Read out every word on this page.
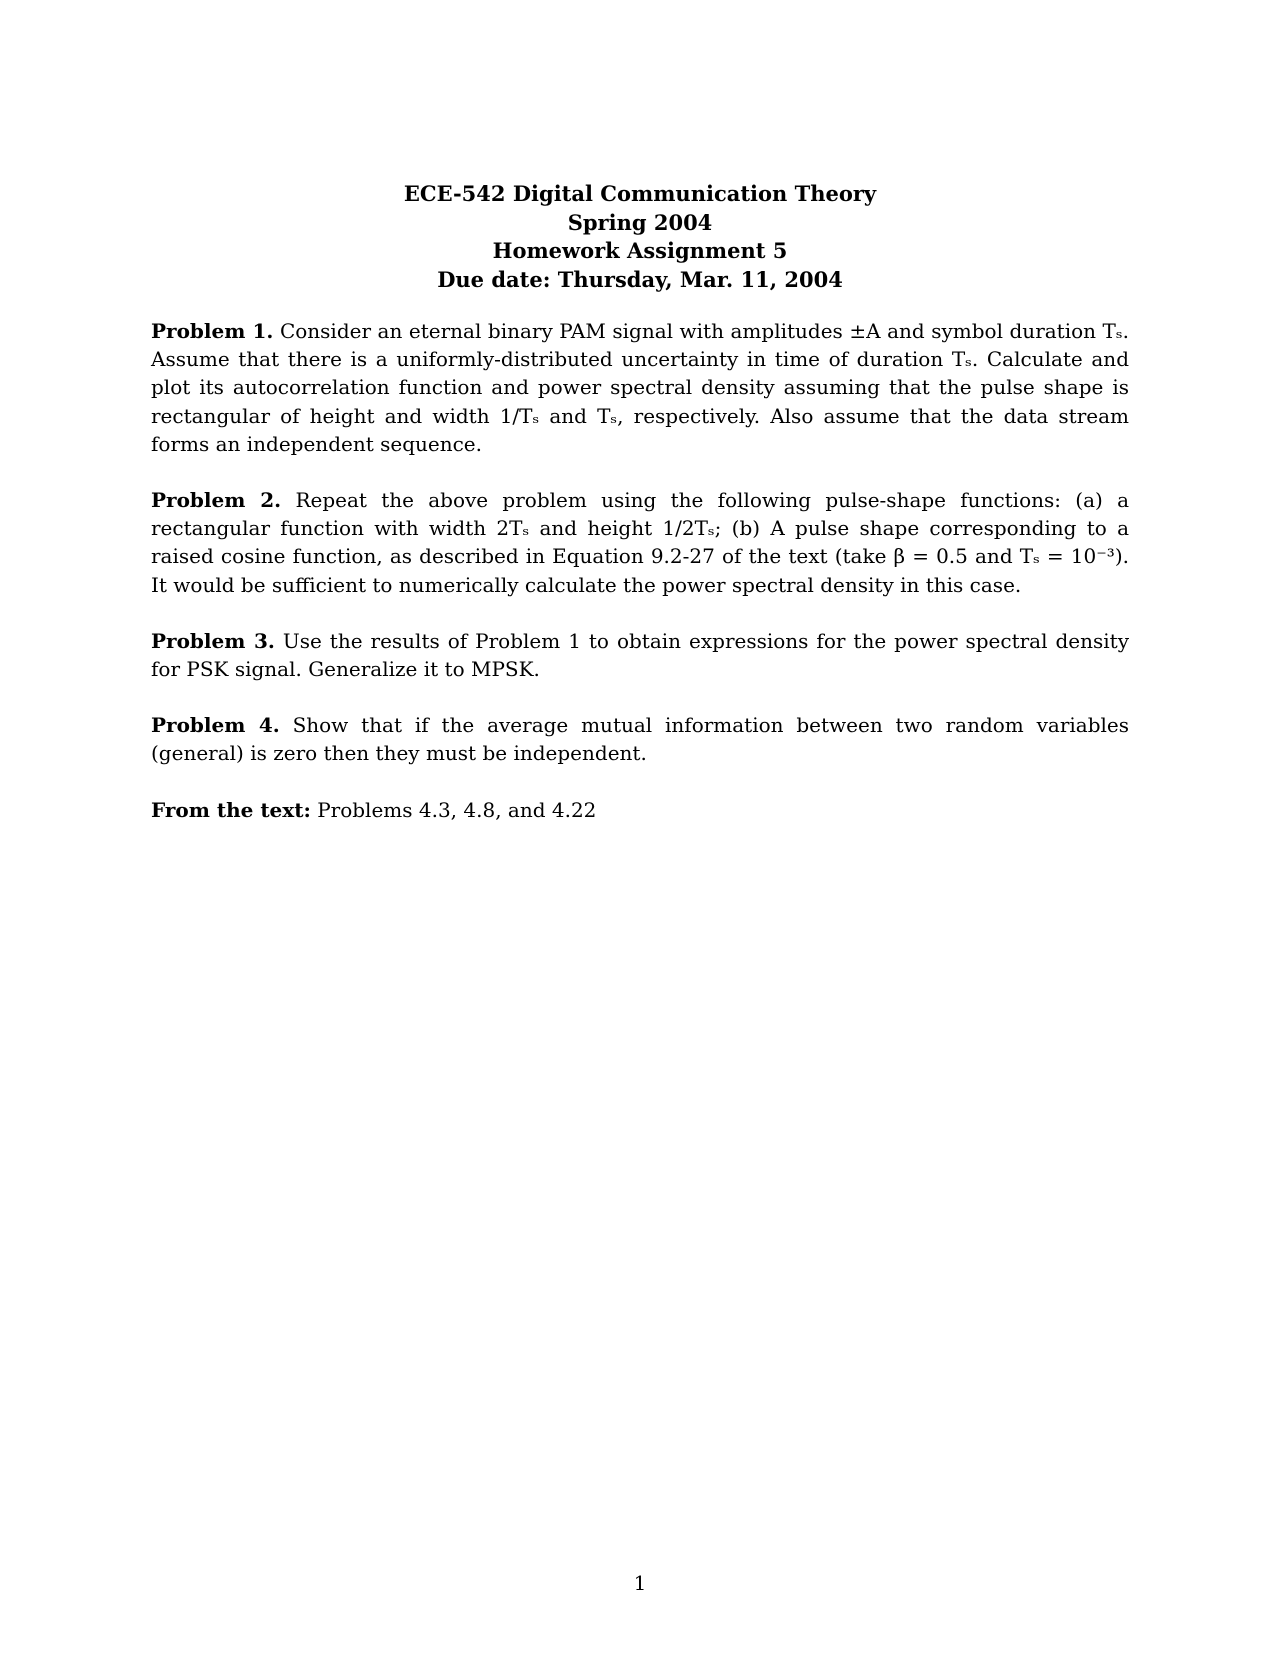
ECE-542 Digital Communication Theory
Spring 2004
Homework Assignment 5
Due date: Thursday, Mar. 11, 2004

Problem 1. Consider an eternal binary PAM signal with amplitudes ±A and symbol duration Tₛ. Assume that there is a uniformly-distributed uncertainty in time of duration Tₛ. Calculate and plot its autocorrelation function and power spectral density assuming that the pulse shape is rectangular of height and width 1/Tₛ and Tₛ, respectively. Also assume that the data stream forms an independent sequence.

Problem 2. Repeat the above problem using the following pulse-shape functions: (a) a rectangular function with width 2Tₛ and height 1/2Tₛ; (b) A pulse shape corresponding to a raised cosine function, as described in Equation 9.2-27 of the text (take β = 0.5 and Tₛ = 10⁻³). It would be sufficient to numerically calculate the power spectral density in this case.

Problem 3. Use the results of Problem 1 to obtain expressions for the power spectral density for PSK signal. Generalize it to MPSK.

Problem 4. Show that if the average mutual information between two random variables (general) is zero then they must be independent.

From the text: Problems 4.3, 4.8, and 4.22

1
